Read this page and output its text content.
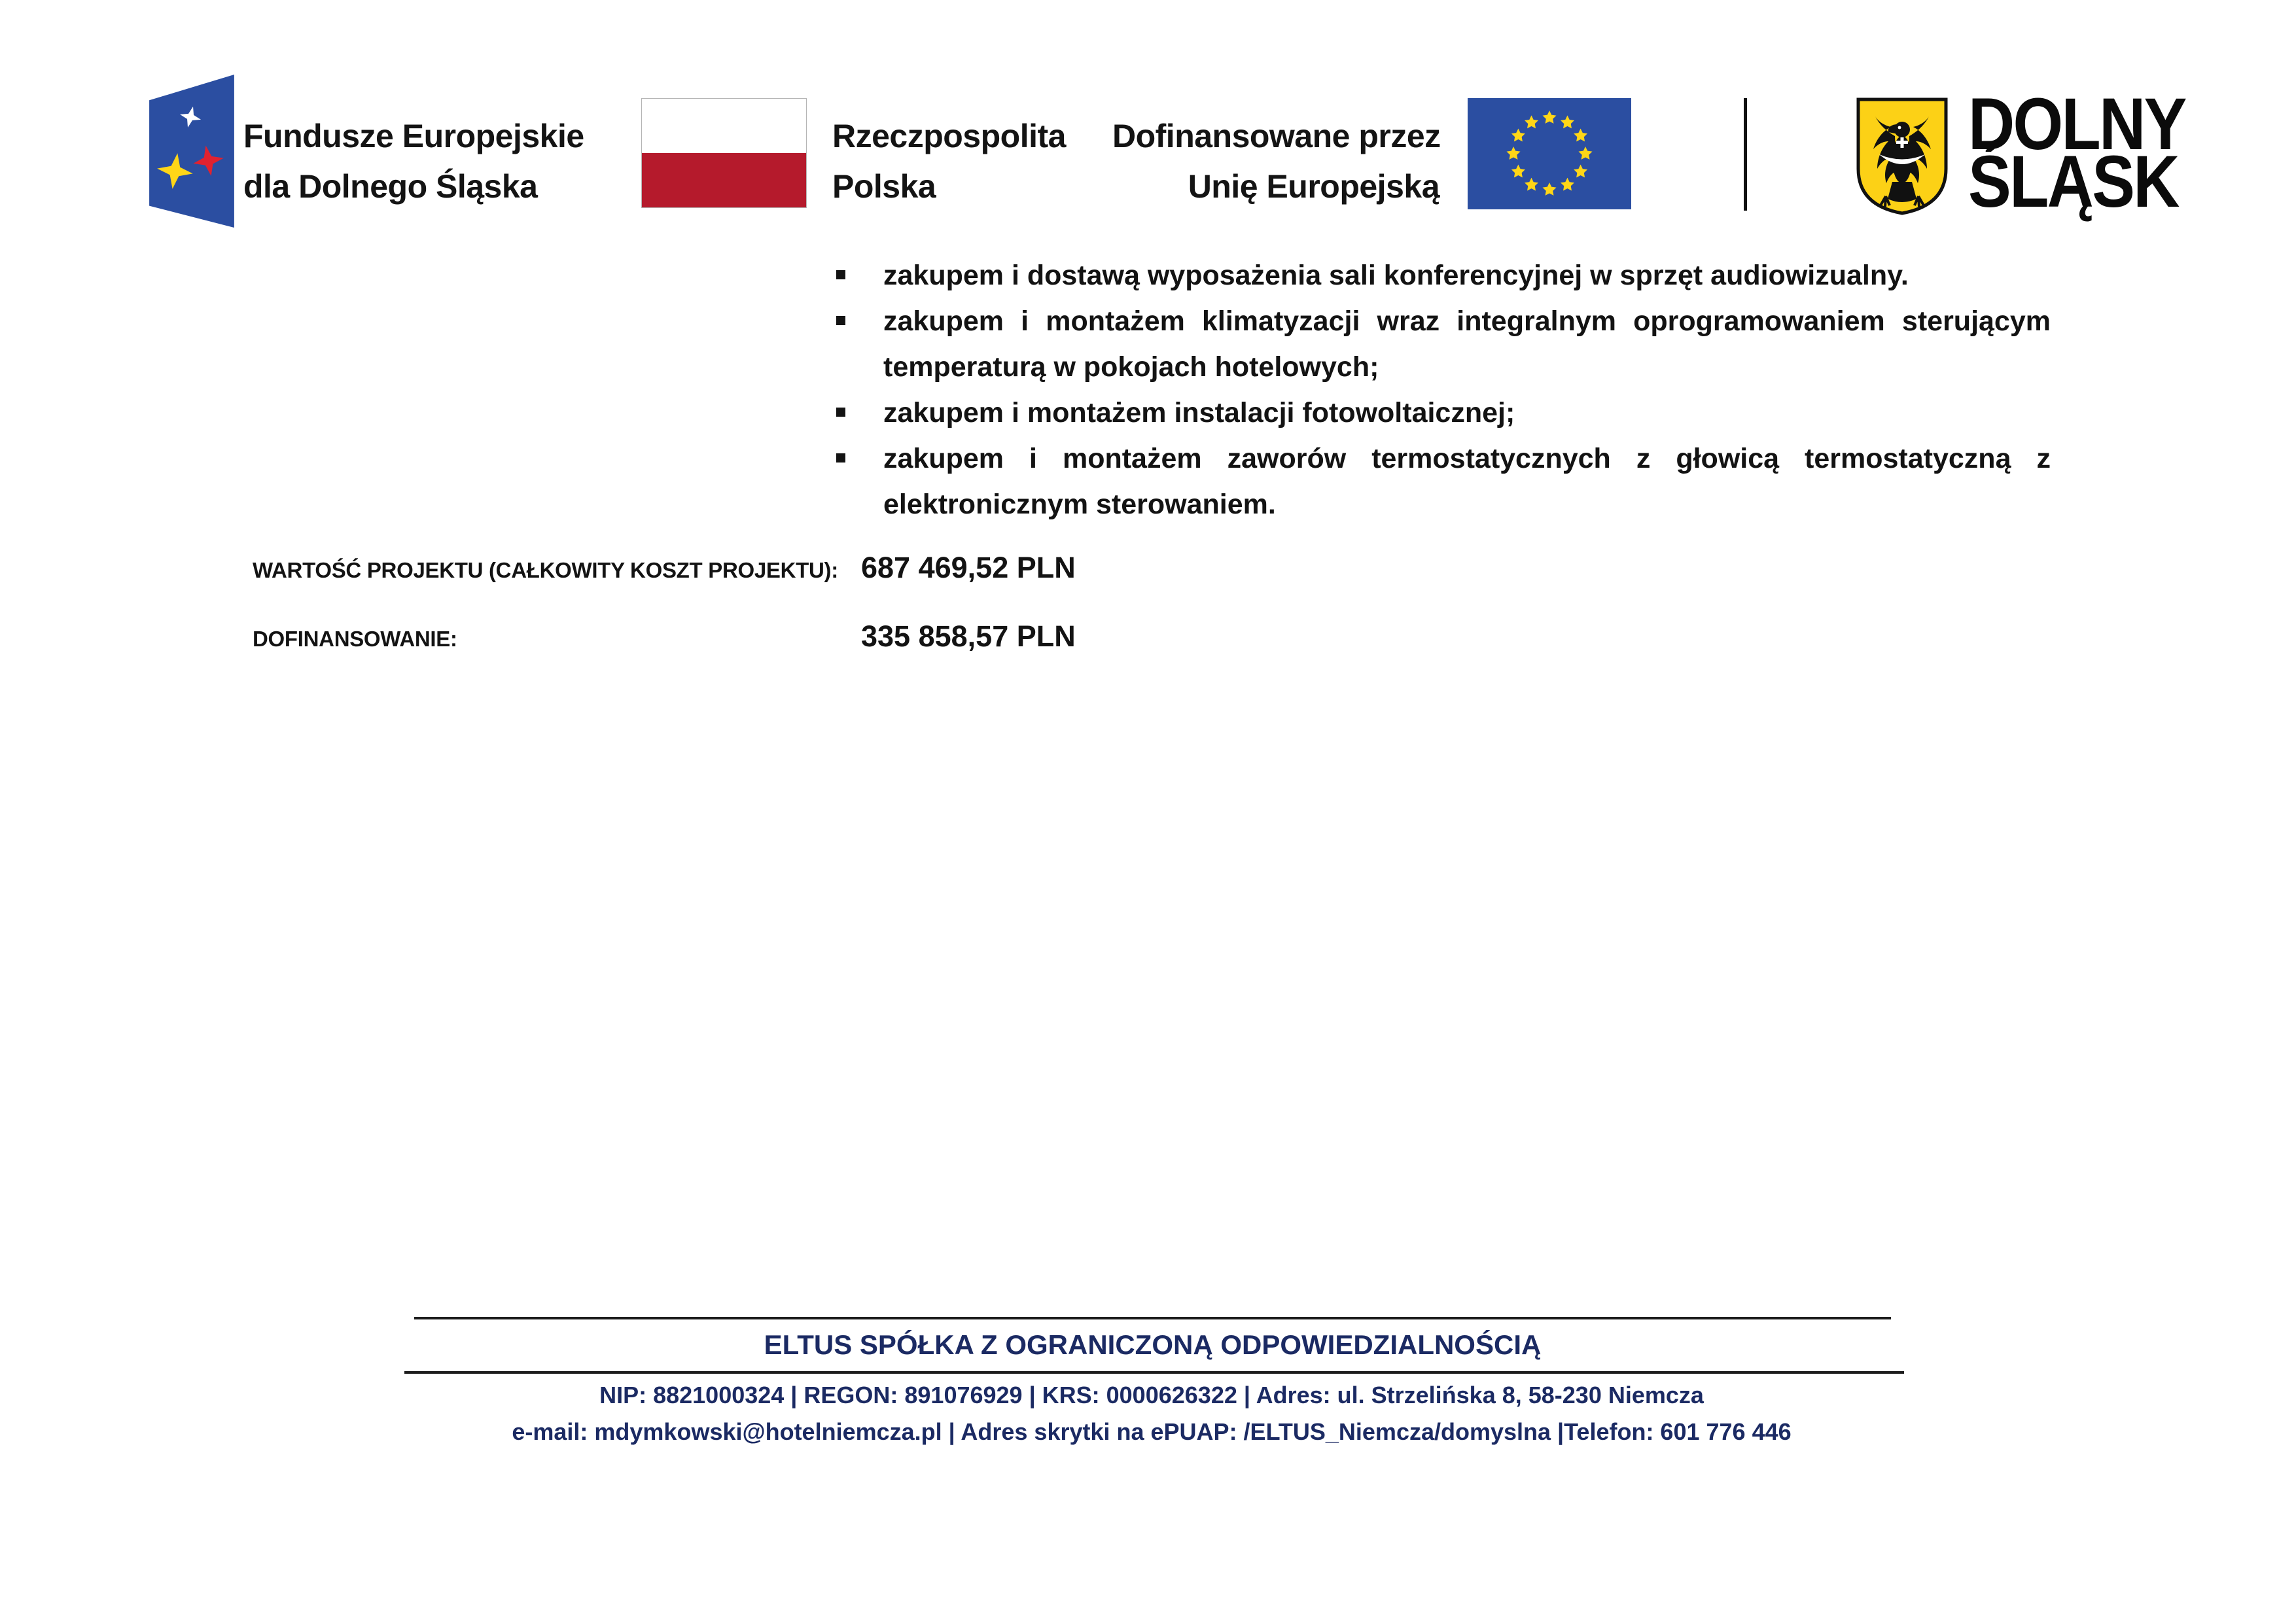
Fundusze Europejskie
dla Dolnego Śląska
Rzeczpospolita
Polska
Dofinansowane przez
Unię Europejską
DOLNY
ŚLĄSK
zakupem i dostawą wyposażenia sali konferencyjnej w sprzęt audiowizualny.
zakupem i montażem klimatyzacji wraz integralnym oprogramowaniem sterującym temperaturą w pokojach hotelowych;
zakupem i montażem instalacji fotowoltaicznej;
zakupem i montażem zaworów termostatycznych z głowicą termostatyczną z elektronicznym sterowaniem.
WARTOŚĆ PROJEKTU (CAŁKOWITY KOSZT PROJEKTU): 687 469,52 PLN
DOFINANSOWANIE:	335 858,57 PLN
ELTUS SPÓŁKA Z OGRANICZONĄ ODPOWIEDZIALNOŚCIĄ
NIP: 8821000324 | REGON: 891076929 | KRS: 0000626322 | Adres: ul. Strzelińska 8, 58-230 Niemcza
e-mail: mdymkowski@hotelniemcza.pl | Adres skrytki na ePUAP: /ELTUS_Niemcza/domyslna |Telefon: 601 776 446
